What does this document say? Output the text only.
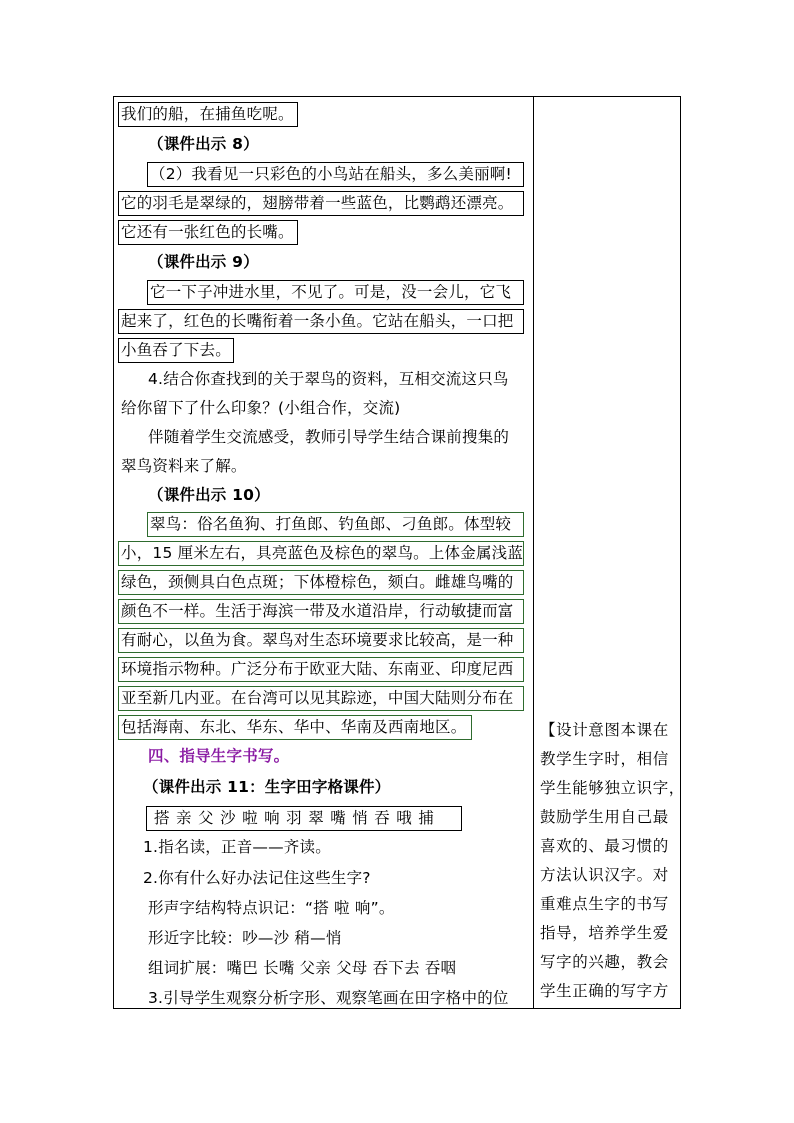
我们的船，在捕鱼吃呢。
（课件出示 8）
（2）我看见一只彩色的小鸟站在船头，多么美丽啊!
它的羽毛是翠绿的，翅膀带着一些蓝色，比鹦鹉还漂亮。
它还有一张红色的长嘴。
（课件出示 9）
它一下子冲进水里，不见了。可是，没一会儿，它飞
起来了，红色的长嘴衔着一条小鱼。它站在船头，一口把
小鱼吞了下去。
4.结合你查找到的关于翠鸟的资料，互相交流这只鸟
给你留下了什么印象？(小组合作，交流)
伴随着学生交流感受，教师引导学生结合课前搜集的
翠鸟资料来了解。
（课件出示 10）
翠鸟：俗名鱼狗、打鱼郎、钓鱼郎、刁鱼郎。体型较
小，15 厘米左右，具亮蓝色及棕色的翠鸟。上体金属浅蓝
绿色，颈侧具白色点斑；下体橙棕色，颏白。雌雄鸟嘴的
颜色不一样。生活于海滨一带及水道沿岸，行动敏捷而富
有耐心，以鱼为食。翠鸟对生态环境要求比较高，是一种
环境指示物种。广泛分布于欧亚大陆、东南亚、印度尼西
亚至新几内亚。在台湾可以见其踪迹，中国大陆则分布在
包括海南、东北、华东、华中、华南及西南地区。
四、指导生字书写。
（课件出示 11：生字田字格课件）
搭 亲 父 沙 啦 响 羽 翠 嘴 悄 吞 哦 捕
1.指名读，正音——齐读。
2.你有什么好办法记住这些生字?
形声字结构特点识记：“搭 啦 响”。
形近字比较：吵—沙 稍—悄
组词扩展：嘴巴 长嘴 父亲 父母 吞下去 吞咽
3.引导学生观察分析字形、观察笔画在田字格中的位
【设计意图本课在
教学生字时，相信
学生能够独立识字，
鼓励学生用自己最
喜欢的、最习惯的
方法认识汉字。对
重难点生字的书写
指导，培养学生爱
写字的兴趣，教会
学生正确的写字方
